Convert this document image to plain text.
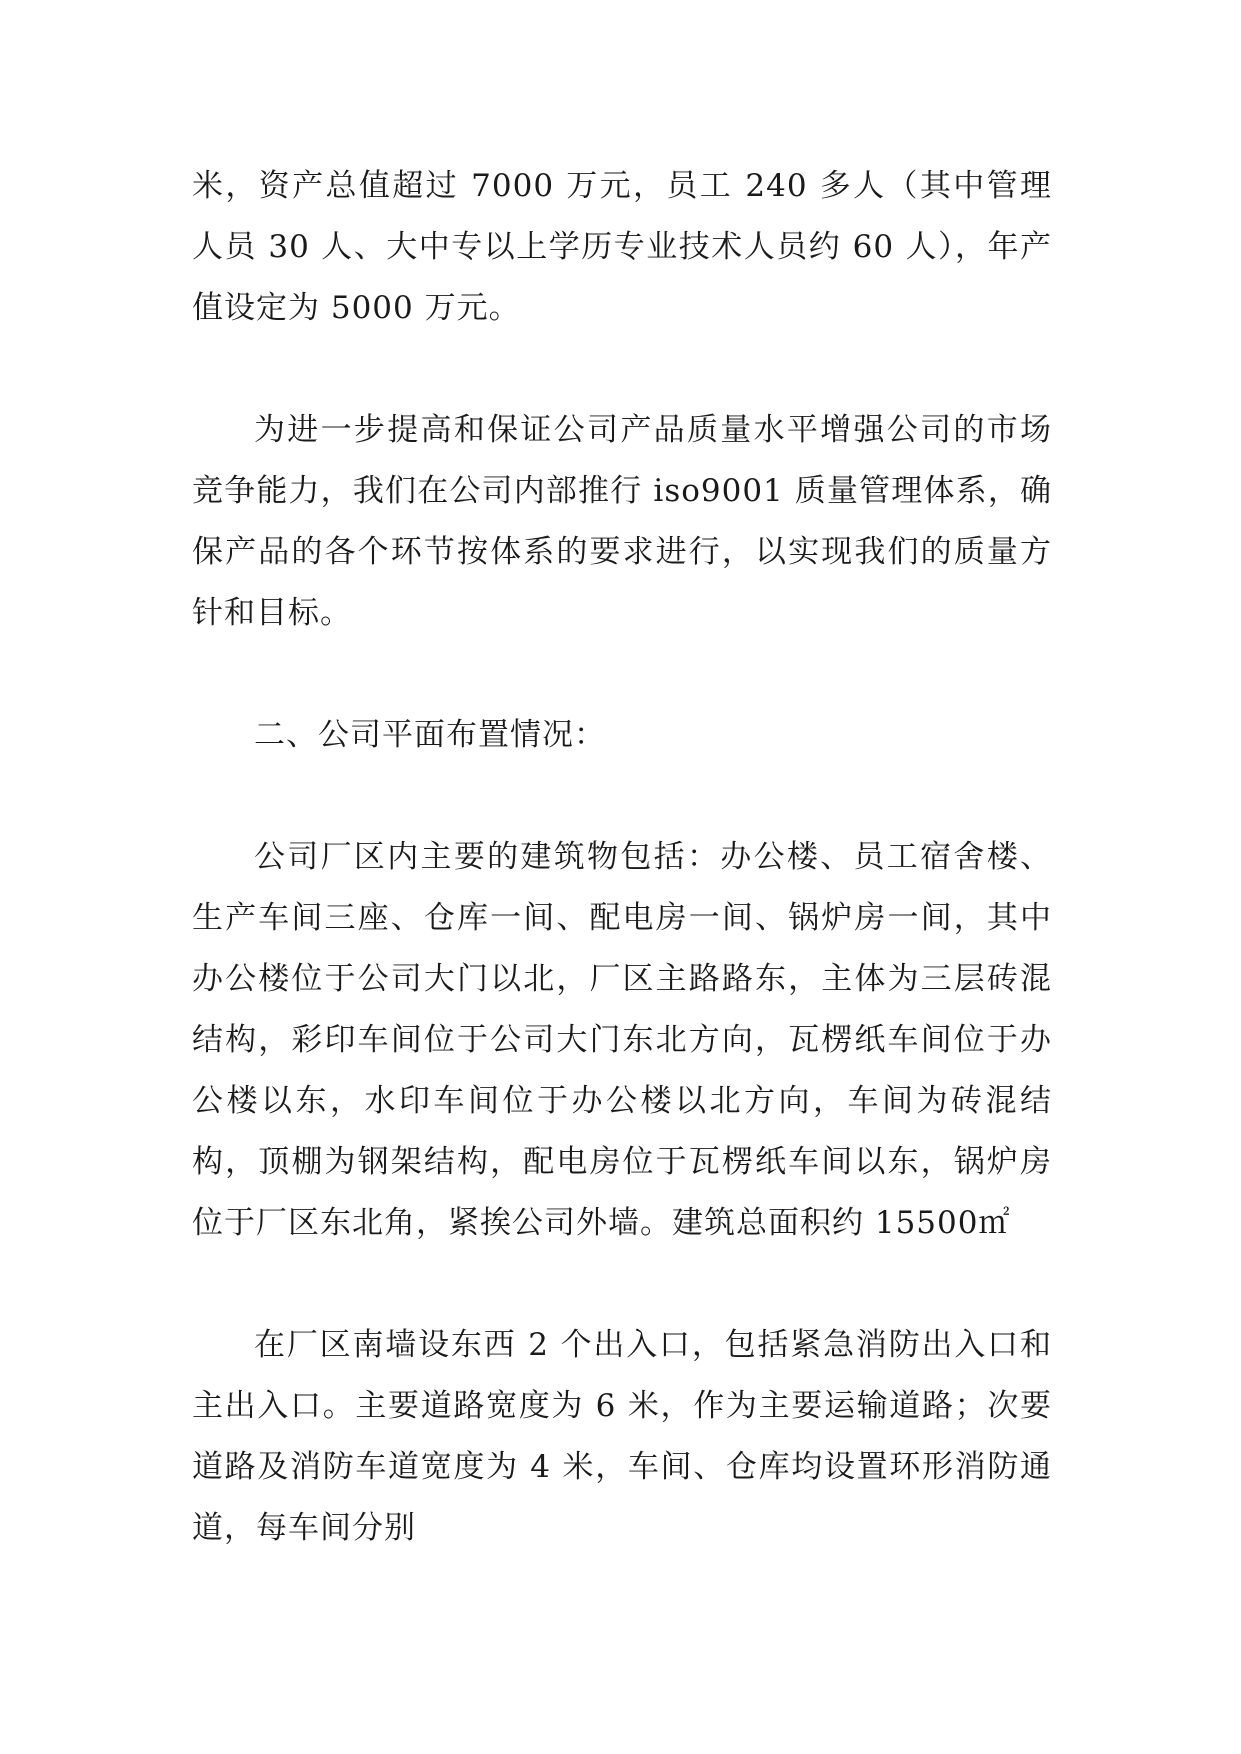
米，资产总值超过 7000 万元，员工 240 多人（其中管理人员 30 人、大中专以上学历专业技术人员约 60 人），年产值设定为 5000 万元。

为进一步提高和保证公司产品质量水平增强公司的市场竞争能力，我们在公司内部推行 iso9001 质量管理体系，确保产品的各个环节按体系的要求进行，以实现我们的质量方针和目标。

二、公司平面布置情况：

公司厂区内主要的建筑物包括：办公楼、员工宿舍楼、生产车间三座、仓库一间、配电房一间、锅炉房一间，其中办公楼位于公司大门以北，厂区主路路东，主体为三层砖混结构，彩印车间位于公司大门东北方向，瓦楞纸车间位于办公楼以东，水印车间位于办公楼以北方向，车间为砖混结构，顶棚为钢架结构，配电房位于瓦楞纸车间以东，锅炉房位于厂区东北角，紧挨公司外墙。建筑总面积约 15500㎡

在厂区南墙设东西 2 个出入口，包括紧急消防出入口和主出入口。主要道路宽度为 6 米，作为主要运输道路；次要道路及消防车道宽度为 4 米，车间、仓库均设置环形消防通道，每车间分别
